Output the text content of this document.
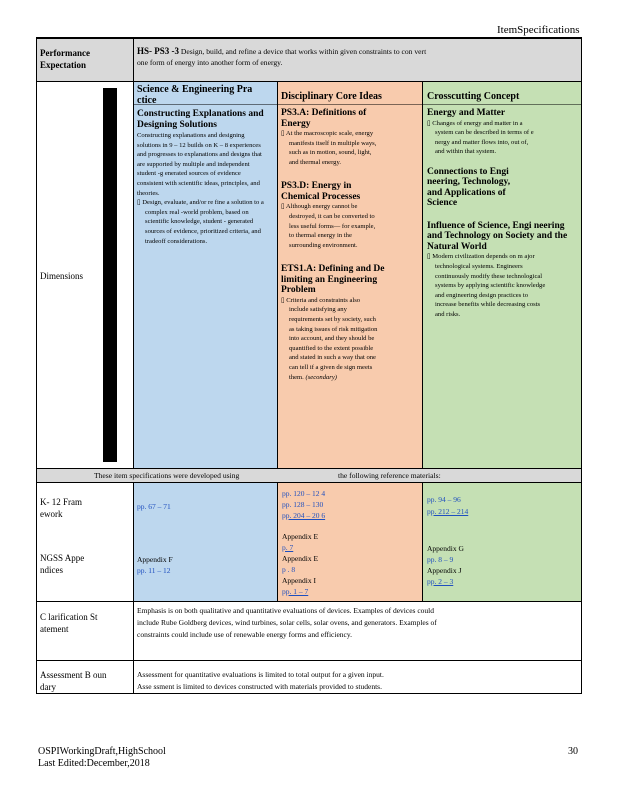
ItemSpecifications
Performance Expectation
HS- PS3 -3 Design, build, and refine a device that works within given constraints to con vert one form of energy into another form of energy.
Dimensions
Science & Engineering Pra ctice
Constructing Explanations and Designing Solutions
Constructing explanations and designing solutions in 9 – 12 builds on K – 8 experiences and progresses to explanations and designs that are supported by multiple and independent student -g enerated sources of evidence consistent with scientific ideas, principles, and theories.
▯ Design, evaluate, and/or re fine a solution to a complex real -world problem, based on scientific knowledge, student - generated sources of evidence, prioritized criteria, and tradeoff considerations.
Disciplinary Core Ideas
PS3.A: Definitions of Energy
▯ At the macroscopic scale, energy manifests itself in multiple ways, such as in motion, sound, light, and thermal energy.
PS3.D: Energy in Chemical Processes
▯ Although energy cannot be destroyed, it can be converted to less useful forms— for example, to thermal energy in the surrounding environment.
ETS1.A: Defining and De limiting an Engineering Problem
▯ Criteria and constraints also include satisfying any requirements set by society, such as taking issues of risk mitigation into account, and they should be quantified to the extent possible and stated in such a way that one can tell if a given de sign meets them. (secondary)
Crosscutting Concept
Energy and Matter
▯ Changes of energy and matter in a system can be described in terms of e nergy and matter flows into, out of, and within that system.
Connections to Engi neering, Technology, and Applications of Science
Influence of Science, Engi neering and Technology on Society and the Natural World
▯ Modern civilization depends on m ajor technological systems. Engineers continuously modify these technological systems by applying scientific knowledge and engineering design practices to increase benefits while decreasing costs and risks.
These item specifications were developed using	the following reference materials:
K- 12 Fram ework
pp. 67 – 71
pp. 120 – 12 4
pp. 128 – 130
pp. 204 – 20 6
pp. 94 – 96
pp. 212 – 214
NGSS Appe ndices
Appendix F
pp. 11 – 12
Appendix E
p. 7
Appendix E
p . 8
Appendix I
pp. 1 – 7
Appendix G
pp. 8 – 9
Appendix J
pp. 2 – 3
C larification St atement
Emphasis is on both qualitative and quantitative evaluations of devices. Examples of devices could include Rube Goldberg devices, wind turbines, solar cells, solar ovens, and generators. Examples of constraints could include use of renewable energy forms and efficiency.
Assessment B oun dary
Assessment for quantitative evaluations is limited to total output for a given input.
Asse ssment is limited to devices constructed with materials provided to students.
OSPIWorkingDraft,HighSchool
Last Edited:December,2018
30
